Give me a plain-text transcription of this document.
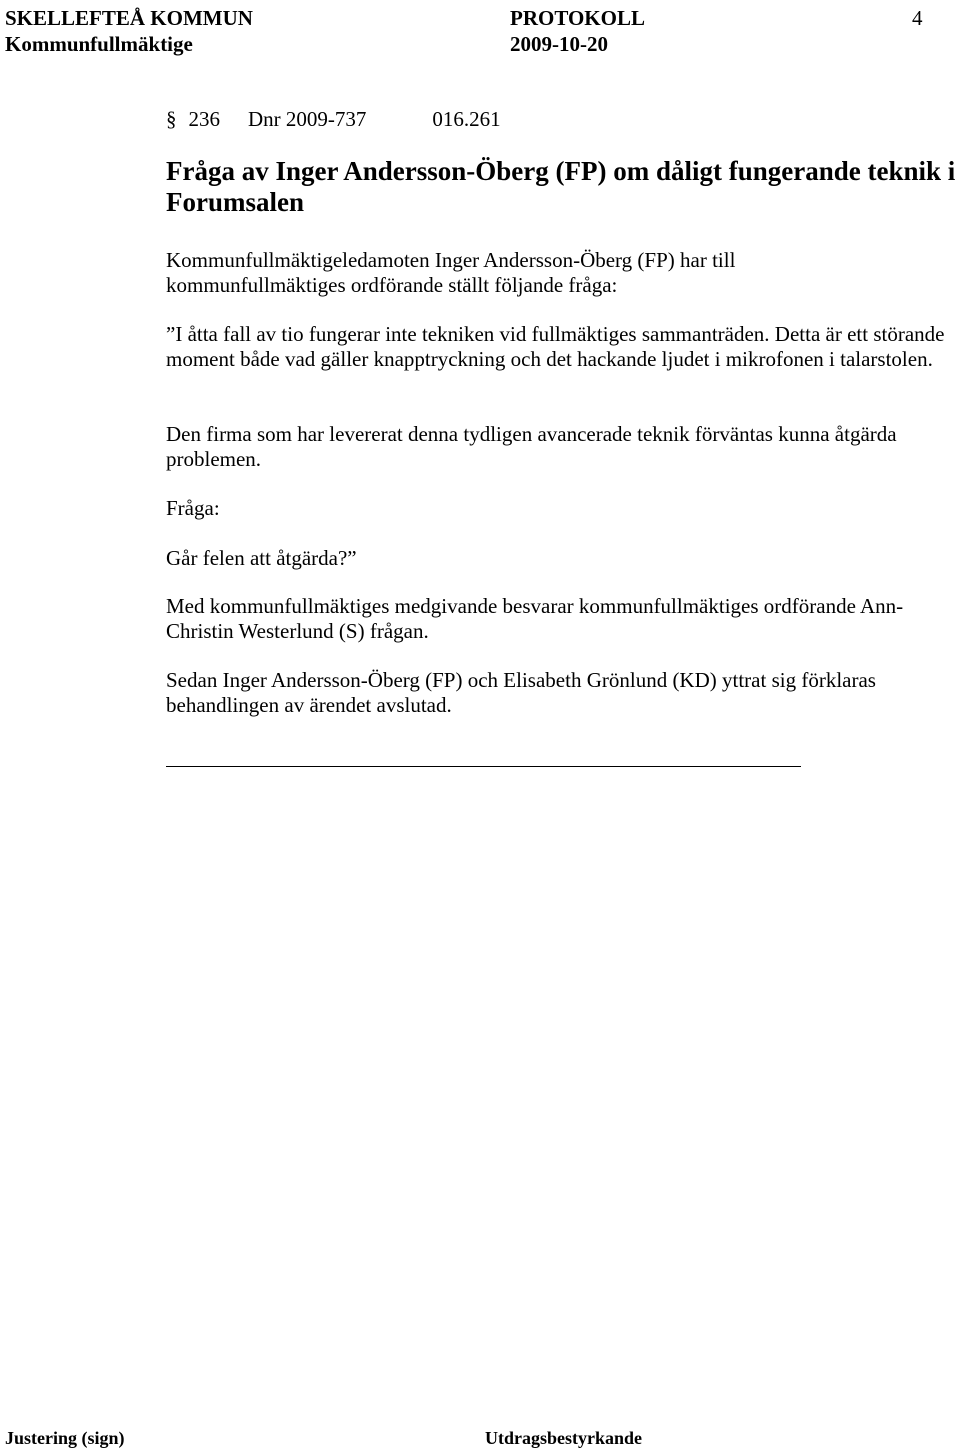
SKELLEFTEÅ KOMMUN	PROTOKOLL	4
Kommunfullmäktige	2009-10-20
§ 236 Dnr 2009-737	016.261
Fråga av Inger Andersson-Öberg (FP) om dåligt fungerande teknik i Forumsalen
Kommunfullmäktigeledamoten Inger Andersson-Öberg (FP) har till kommunfullmäktiges ordförande ställt följande fråga:
”I åtta fall av tio fungerar inte tekniken vid fullmäktiges sammanträden. Detta är ett störande moment både vad gäller knapptryckning och det hackande ljudet i mikrofonen i talarstolen.
Den firma som har levererat denna tydligen avancerade teknik förväntas kunna åtgärda problemen.
Fråga:
Går felen att åtgärda?”
Med kommunfullmäktiges medgivande besvarar kommunfullmäktiges ordförande Ann-Christin Westerlund (S) frågan.
Sedan Inger Andersson-Öberg (FP) och Elisabeth Grönlund (KD) yttrat sig förklaras behandlingen av ärendet avslutad.
Justering (sign)	Utdragsbestyrkande
